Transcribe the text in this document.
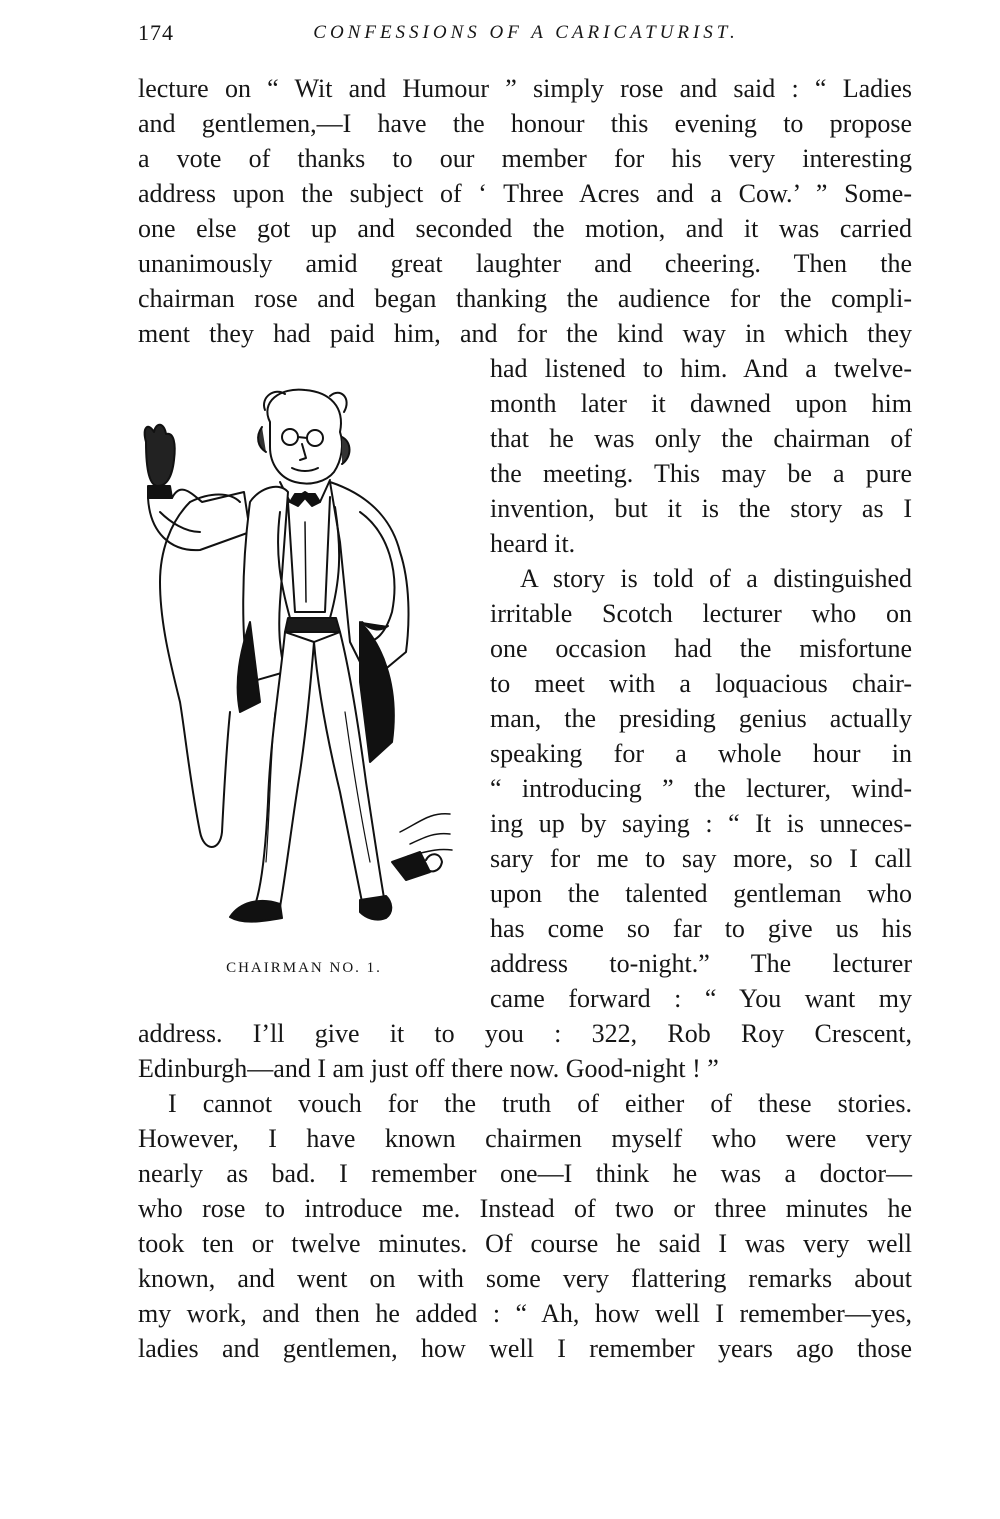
174	CONFESSIONS OF A CARICATURIST.
lecture on “ Wit and Humour ” simply rose and said : “ Ladies
and gentlemen,—I have the honour this evening to propose
a vote of thanks to our member for his very interesting
address upon the subject of ‘ Three Acres and a Cow.’ ” Some-
one else got up and seconded the motion, and it was carried
unanimously amid great laughter and cheering. Then the
chairman rose and began thanking the audience for the compli-
ment they had paid him, and for the kind way in which they
had listened to him. And a twelve-
month later it dawned upon him
that he was only the chairman of
the meeting. This may be a pure
invention, but it is the story as I
heard it.
A story is told of a distinguished
irritable Scotch lecturer who on
one occasion had the misfortune
to meet with a loquacious chair-
man, the presiding genius actually
speaking for a whole hour in
“ introducing ” the lecturer, wind-
ing up by saying : “ It is unneces-
sary for me to say more, so I call
upon the talented gentleman who
has come so far to give us his
address to-night.” The lecturer
came forward : “ You want my
address. I’ll give it to you : 322, Rob Roy Crescent,
Edinburgh—and I am just off there now. Good-night ! ”
I cannot vouch for the truth of either of these stories.
However, I have known chairmen myself who were very
nearly as bad. I remember one—I think he was a doctor—
who rose to introduce me. Instead of two or three minutes he
took ten or twelve minutes. Of course he said I was very well
known, and went on with some very flattering remarks about
my work, and then he added : “ Ah, how well I remember—yes,
ladies and gentlemen, how well I remember years ago those
CHAIRMAN NO. 1.
